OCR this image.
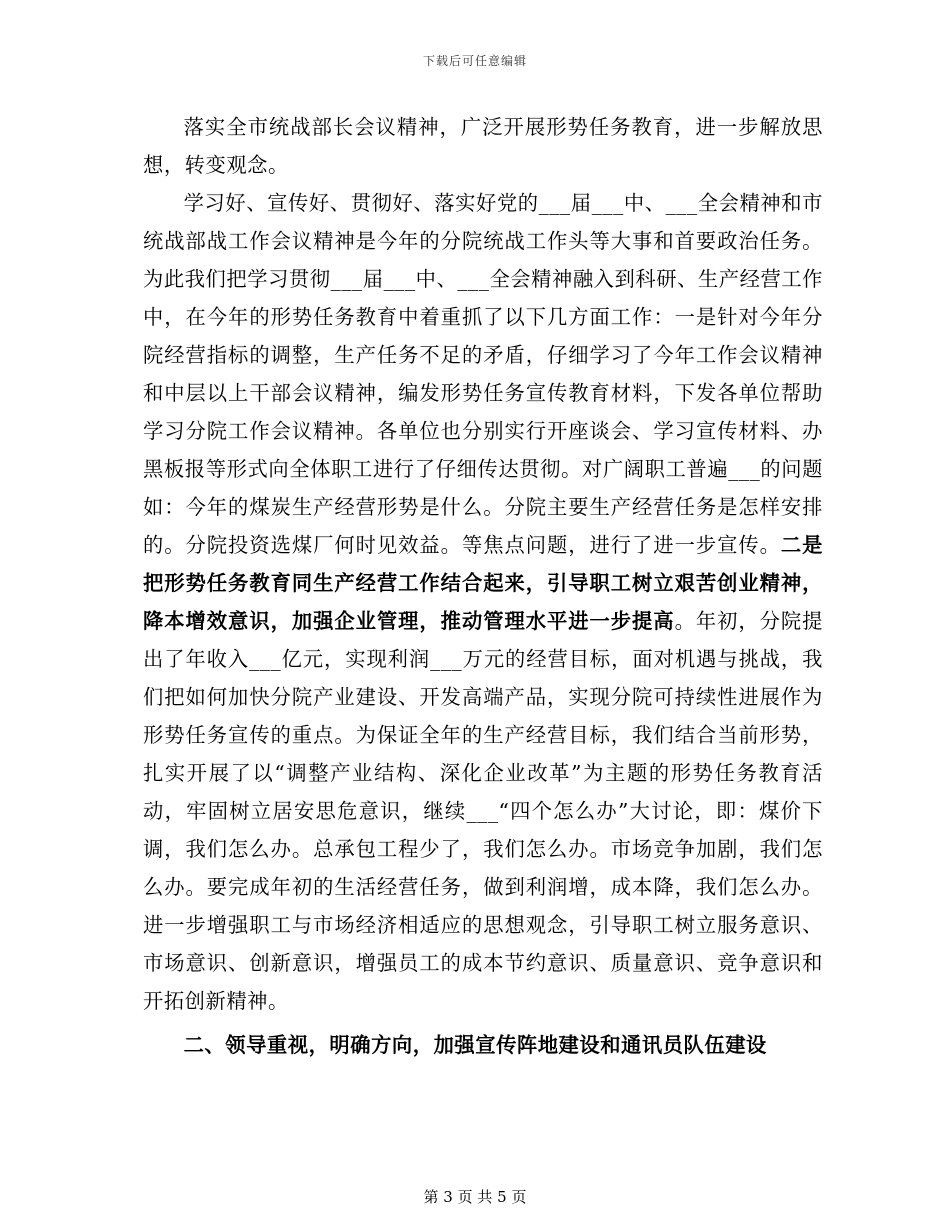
下载后可任意编辑

落实全市统战部长会议精神，广泛开展形势任务教育，进一步解放思想，转变观念。

学习好、宣传好、贯彻好、落实好党的___届___中、___全会精神和市统战部战工作会议精神是今年的分院统战工作头等大事和首要政治任务。为此我们把学习贯彻___届___中、___全会精神融入到科研、生产经营工作中，在今年的形势任务教育中着重抓了以下几方面工作：一是针对今年分院经营指标的调整，生产任务不足的矛盾，仔细学习了今年工作会议精神和中层以上干部会议精神，编发形势任务宣传教育材料，下发各单位帮助学习分院工作会议精神。各单位也分别实行开座谈会、学习宣传材料、办黑板报等形式向全体职工进行了仔细传达贯彻。对广阔职工普遍___的问题如：今年的煤炭生产经营形势是什么。分院主要生产经营任务是怎样安排的。分院投资选煤厂何时见效益。等焦点问题，进行了进一步宣传。二是把形势任务教育同生产经营工作结合起来，引导职工树立艰苦创业精神，降本增效意识，加强企业管理，推动管理水平进一步提高。年初，分院提出了年收入___亿元，实现利润___万元的经营目标，面对机遇与挑战，我们把如何加快分院产业建设、开发高端产品，实现分院可持续性进展作为形势任务宣传的重点。为保证全年的生产经营目标，我们结合当前形势，扎实开展了以“调整产业结构、深化企业改革”为主题的形势任务教育活动，牢固树立居安思危意识，继续___“四个怎么办”大讨论，即：煤价下调，我们怎么办。总承包工程少了，我们怎么办。市场竞争加剧，我们怎么办。要完成年初的生活经营任务，做到利润增，成本降，我们怎么办。进一步增强职工与市场经济相适应的思想观念，引导职工树立服务意识、市场意识、创新意识，增强员工的成本节约意识、质量意识、竞争意识和开拓创新精神。

二、领导重视，明确方向，加强宣传阵地建设和通讯员队伍建设

第 3 页 共 5 页
